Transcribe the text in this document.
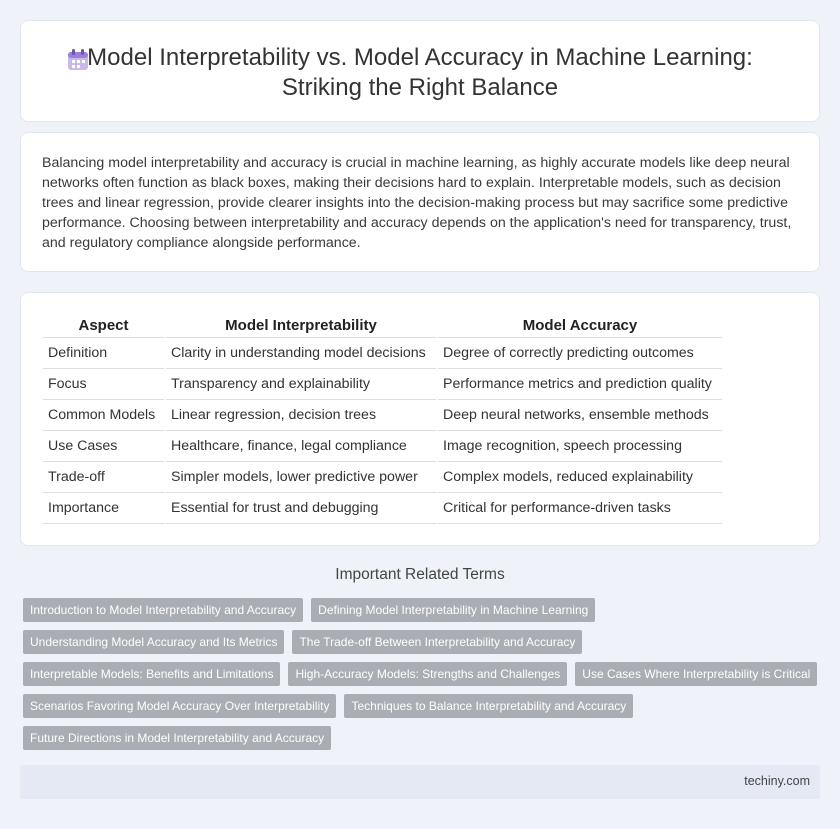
Model Interpretability vs. Model Accuracy in Machine Learning:
Striking the Right Balance

Balancing model interpretability and accuracy is crucial in machine learning, as highly accurate models like deep neural networks often function as black boxes, making their decisions hard to explain. Interpretable models, such as decision trees and linear regression, provide clearer insights into the decision-making process but may sacrifice some predictive performance. Choosing between interpretability and accuracy depends on the application's need for transparency, trust, and regulatory compliance alongside performance.

Aspect	Model Interpretability	Model Accuracy
Definition	Clarity in understanding model decisions	Degree of correctly predicting outcomes
Focus	Transparency and explainability	Performance metrics and prediction quality
Common Models	Linear regression, decision trees	Deep neural networks, ensemble methods
Use Cases	Healthcare, finance, legal compliance	Image recognition, speech processing
Trade-off	Simpler models, lower predictive power	Complex models, reduced explainability
Importance	Essential for trust and debugging	Critical for performance-driven tasks
Important Related Terms
Introduction to Model Interpretability and Accuracy	Defining Model Interpretability in Machine Learning
Understanding Model Accuracy and Its Metrics	The Trade-off Between Interpretability and Accuracy
Interpretable Models: Benefits and Limitations	High-Accuracy Models: Strengths and Challenges	Use Cases Where Interpretability is Critical
Scenarios Favoring Model Accuracy Over Interpretability	Techniques to Balance Interpretability and Accuracy
Future Directions in Model Interpretability and Accuracy
techiny.com
